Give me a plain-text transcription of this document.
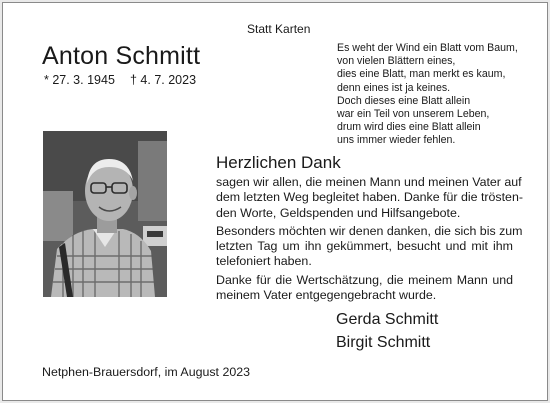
Statt Karten
Anton Schmitt
* 27. 3. 1945 † 4. 7. 2023
Es weht der Wind ein Blatt vom Baum,
von vielen Blättern eines,
dies eine Blatt, man merkt es kaum,
denn eines ist ja keines.
Doch dieses eine Blatt allein
war ein Teil von unserem Leben,
drum wird dies eine Blatt allein
uns immer wieder fehlen.
Herzlichen Dank

sagen wir allen, die meinen Mann und meinen Vater auf
dem letzten Weg begleitet haben. Danke für die trösten-
den Worte, Geldspenden und Hilfsangebote.

Besonders möchten wir denen danken, die sich bis zum
letzten Tag um ihn gekümmert, besucht und mit ihm
telefoniert haben.

Danke für die Wertschätzung, die meinem Mann und
meinem Vater entgegengebracht wurde.

Gerda Schmitt
Birgit Schmitt
Netphen-Brauersdorf, im August 2023
